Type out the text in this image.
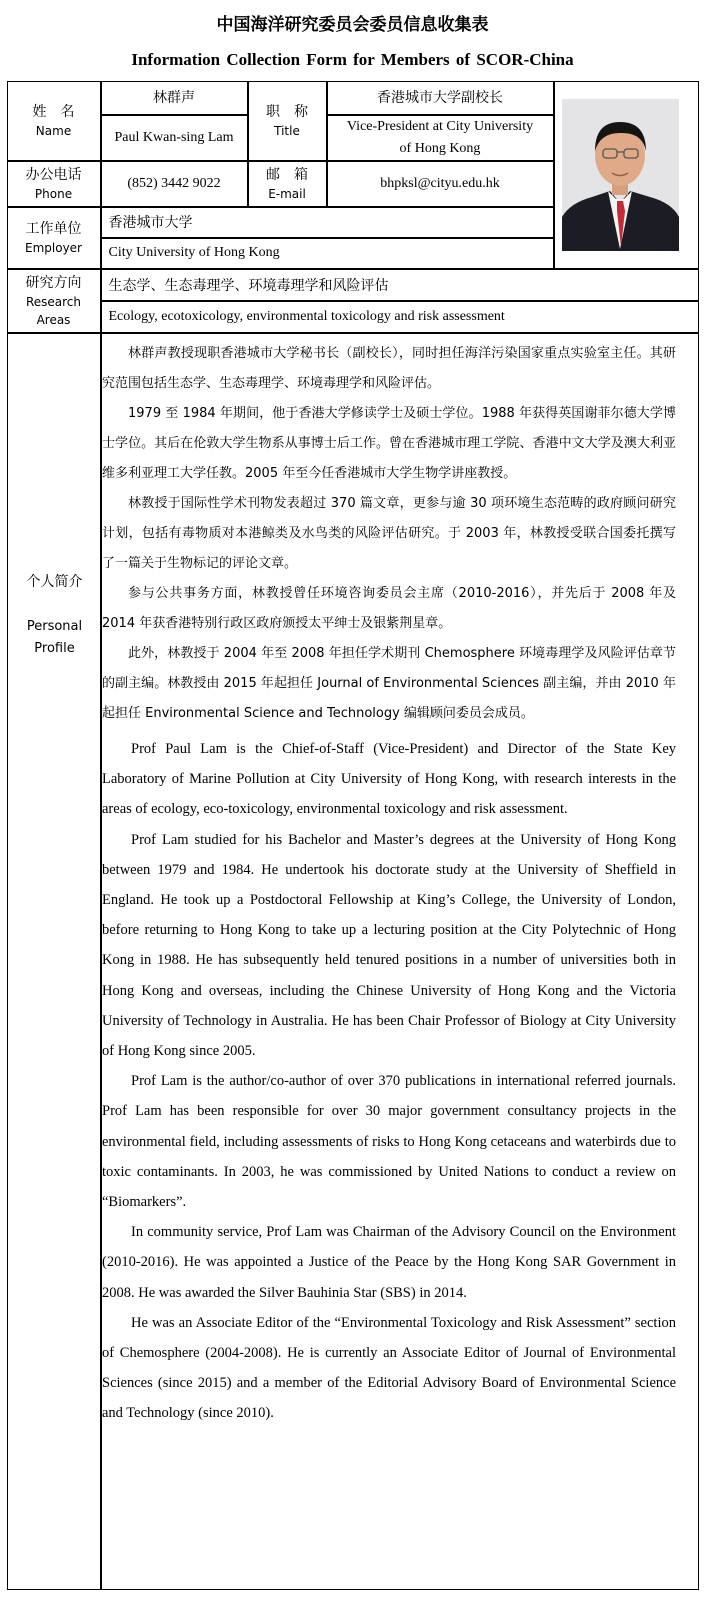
中国海洋研究委员会委员信息收集表
Information Collection Form for Members of SCOR-China
姓　名
Name
林群声
Paul Kwan-sing Lam
职　称
Title
香港城市大学副校长
Vice-President at City University
of Hong Kong
办公电话
Phone
(852) 3442 9022
邮　箱
E-mail
bhpksl@cityu.edu.hk
工作单位
Employer
香港城市大学
City University of Hong Kong
研究方向
Research
Areas
生态学、生态毒理学、环境毒理学和风险评估
Ecology, ecotoxicology, environmental toxicology and risk assessment
个人简介
Personal
Profile

林群声教授现职香港城市大学秘书长（副校长），同时担任海洋污染国家重点实验室主任。其研究范围包括生态学、生态毒理学、环境毒理学和风险评估。

1979 至 1984 年期间，他于香港大学修读学士及硕士学位。1988 年获得英国谢菲尔德大学博士学位。其后在伦敦大学生物系从事博士后工作。曾在香港城市理工学院、香港中文大学及澳大利亚维多利亚理工大学任教。2005 年至今任香港城市大学生物学讲座教授。

林教授于国际性学术刊物发表超过 370 篇文章，更参与逾 30 项环境生态范畴的政府顾问研究计划，包括有毒物质对本港鲸类及水鸟类的风险评估研究。于 2003 年，林教授受联合国委托撰写了一篇关于生物标记的评论文章。

参与公共事务方面，林教授曾任环境咨询委员会主席（2010-2016），并先后于 2008 年及 2014 年获香港特别行政区政府颁授太平绅士及银紫荆星章。

此外，林教授于 2004 年至 2008 年担任学术期刊 Chemosphere 环境毒理学及风险评估章节的副主编。林教授由 2015 年起担任 Journal of Environmental Sciences 副主编，并由 2010 年起担任 Environmental Science and Technology 编辑顾问委员会成员。

Prof Paul Lam is the Chief-of-Staff (Vice-President) and Director of the State Key Laboratory of Marine Pollution at City University of Hong Kong, with research interests in the areas of ecology, eco-toxicology, environmental toxicology and risk assessment.

Prof Lam studied for his Bachelor and Master’s degrees at the University of Hong Kong between 1979 and 1984. He undertook his doctorate study at the University of Sheffield in England. He took up a Postdoctoral Fellowship at King’s College, the University of London, before returning to Hong Kong to take up a lecturing position at the City Polytechnic of Hong Kong in 1988. He has subsequently held tenured positions in a number of universities both in Hong Kong and overseas, including the Chinese University of Hong Kong and the Victoria University of Technology in Australia. He has been Chair Professor of Biology at City University of Hong Kong since 2005.

Prof Lam is the author/co-author of over 370 publications in international referred journals. Prof Lam has been responsible for over 30 major government consultancy projects in the environmental field, including assessments of risks to Hong Kong cetaceans and waterbirds due to toxic contaminants. In 2003, he was commissioned by United Nations to conduct a review on “Biomarkers”.

In community service, Prof Lam was Chairman of the Advisory Council on the Environment (2010-2016). He was appointed a Justice of the Peace by the Hong Kong SAR Government in 2008. He was awarded the Silver Bauhinia Star (SBS) in 2014.

He was an Associate Editor of the “Environmental Toxicology and Risk Assessment” section of Chemosphere (2004-2008). He is currently an Associate Editor of Journal of Environmental Sciences (since 2015) and a member of the Editorial Advisory Board of Environmental Science and Technology (since 2010).
